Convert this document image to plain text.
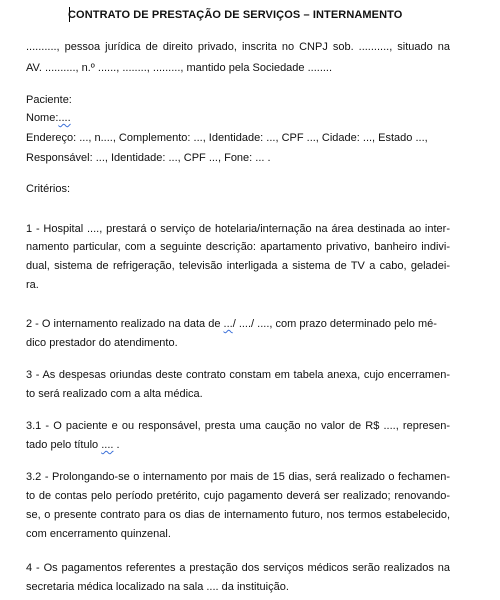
CONTRATO DE PRESTAÇÃO DE SERVIÇOS – INTERNAMENTO
.........., pessoa jurídica de direito privado, inscrita no CNPJ sob. .........., situado na
AV. .........., n.º ......, ........, ........., mantido pela Sociedade ........
Paciente:
Nome:....
Endereço: ..., n...., Complemento: ..., Identidade: ..., CPF ..., Cidade: ..., Estado ...,
Responsável: ..., Identidade: ..., CPF ..., Fone: ... .
Critérios:
1 - Hospital ...., prestará o serviço de hotelaria/internação na área destinada ao inter-
namento particular, com a seguinte descrição: apartamento privativo, banheiro indivi-
dual, sistema de refrigeração, televisão interligada a sistema de TV a cabo, geladei-
ra.
2 - O internamento realizado na data de .../ ..../ ...., com prazo determinado pelo mé-
dico prestador do atendimento.
3 - As despesas oriundas deste contrato constam em tabela anexa, cujo encerramen-
to será realizado com a alta médica.
3.1 - O paciente e ou responsável, presta uma caução no valor de R$ ...., represen-
tado pelo título .... .
3.2 - Prolongando-se o internamento por mais de 15 dias, será realizado o fechamen-
to de contas pelo período pretérito, cujo pagamento deverá ser realizado; renovando-
se, o presente contrato para os dias de internamento futuro, nos termos estabelecido,
com encerramento quinzenal.
4 - Os pagamentos referentes a prestação dos serviços médicos serão realizados na
secretaria médica localizado na sala .... da instituição.
